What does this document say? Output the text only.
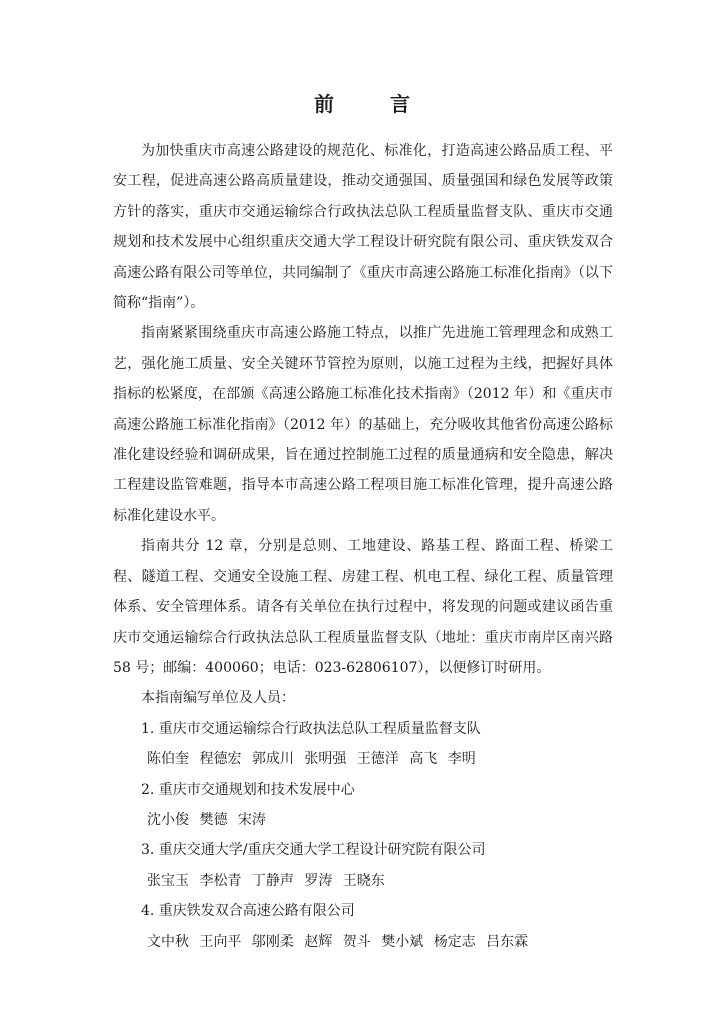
前　言

为加快重庆市高速公路建设的规范化、标准化，打造高速公路品质工程、平安工程，促进高速公路高质量建设，推动交通强国、质量强国和绿色发展等政策方针的落实，重庆市交通运输综合行政执法总队工程质量监督支队、重庆市交通规划和技术发展中心组织重庆交通大学工程设计研究院有限公司、重庆铁发双合高速公路有限公司等单位，共同编制了《重庆市高速公路施工标准化指南》（以下简称“指南”）。

指南紧紧围绕重庆市高速公路施工特点，以推广先进施工管理理念和成熟工艺，强化施工质量、安全关键环节管控为原则，以施工过程为主线，把握好具体指标的松紧度，在部颁《高速公路施工标准化技术指南》（2012 年）和《重庆市高速公路施工标准化指南》（2012 年）的基础上，充分吸收其他省份高速公路标准化建设经验和调研成果，旨在通过控制施工过程的质量通病和安全隐患，解决工程建设监管难题，指导本市高速公路工程项目施工标准化管理，提升高速公路标准化建设水平。

指南共分 12 章，分别是总则、工地建设、路基工程、路面工程、桥梁工程、隧道工程、交通安全设施工程、房建工程、机电工程、绿化工程、质量管理体系、安全管理体系。请各有关单位在执行过程中，将发现的问题或建议函告重庆市交通运输综合行政执法总队工程质量监督支队（地址：重庆市南岸区南兴路 58 号；邮编：400060；电话：023-62806107），以便修订时研用。

本指南编写单位及人员：

1. 重庆市交通运输综合行政执法总队工程质量监督支队

陈伯奎 程德宏 郭成川 张明强 王德洋 高飞 李明

2. 重庆市交通规划和技术发展中心

沈小俊 樊德 宋涛

3. 重庆交通大学/重庆交通大学工程设计研究院有限公司

张宝玉 李松青 丁静声 罗涛 王晓东

4. 重庆铁发双合高速公路有限公司

文中秋 王向平 邬刚柔 赵辉 贺斗 樊小斌 杨定志 吕东霖
